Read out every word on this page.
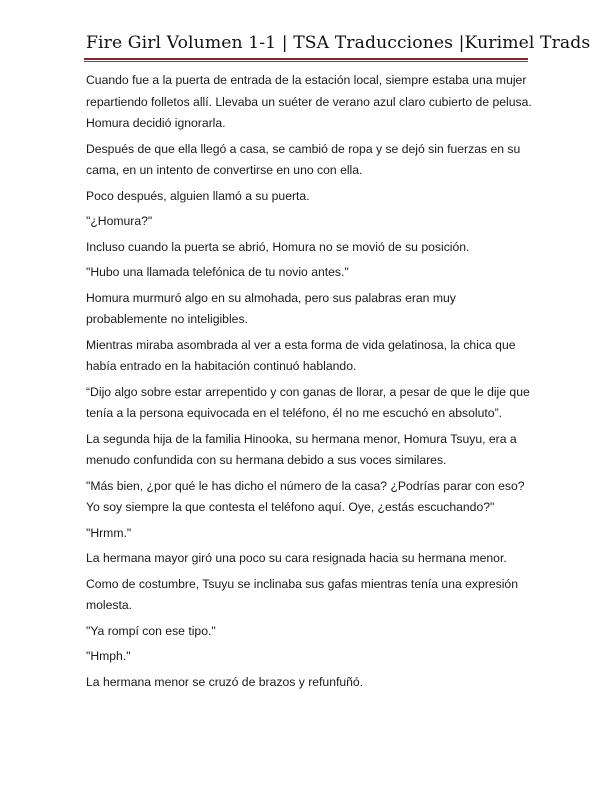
Fire Girl Volumen 1-1 | TSA Traducciones |Kurimel Trads

Cuando fue a la puerta de entrada de la estación local, siempre estaba una mujer
repartiendo folletos allí. Llevaba un suéter de verano azul claro cubierto de pelusa.
Homura decidió ignorarla.

Después de que ella llegó a casa, se cambió de ropa y se dejó sin fuerzas en su
cama, en un intento de convertirse en uno con ella.

Poco después, alguien llamó a su puerta.

"¿Homura?"

Incluso cuando la puerta se abrió, Homura no se movió de su posición.

"Hubo una llamada telefónica de tu novio antes."

Homura murmuró algo en su almohada, pero sus palabras eran muy
probablemente no inteligibles.

Mientras miraba asombrada al ver a esta forma de vida gelatinosa, la chica que
había entrado en la habitación continuó hablando.

“Dijo algo sobre estar arrepentido y con ganas de llorar, a pesar de que le dije que
tenía a la persona equivocada en el teléfono, él no me escuchó en absoluto”.

La segunda hija de la familia Hinooka, su hermana menor, Homura Tsuyu, era a
menudo confundida con su hermana debido a sus voces similares.

"Más bien, ¿por qué le has dicho el número de la casa? ¿Podrías parar con eso?
Yo soy siempre la que contesta el teléfono aquí. Oye, ¿estás escuchando?"

"Hrmm."

La hermana mayor giró una poco su cara resignada hacia su hermana menor.

Como de costumbre, Tsuyu se inclinaba sus gafas mientras tenía una expresión
molesta.

"Ya rompí con ese tipo."

"Hmph."

La hermana menor se cruzó de brazos y refunfuñó.
